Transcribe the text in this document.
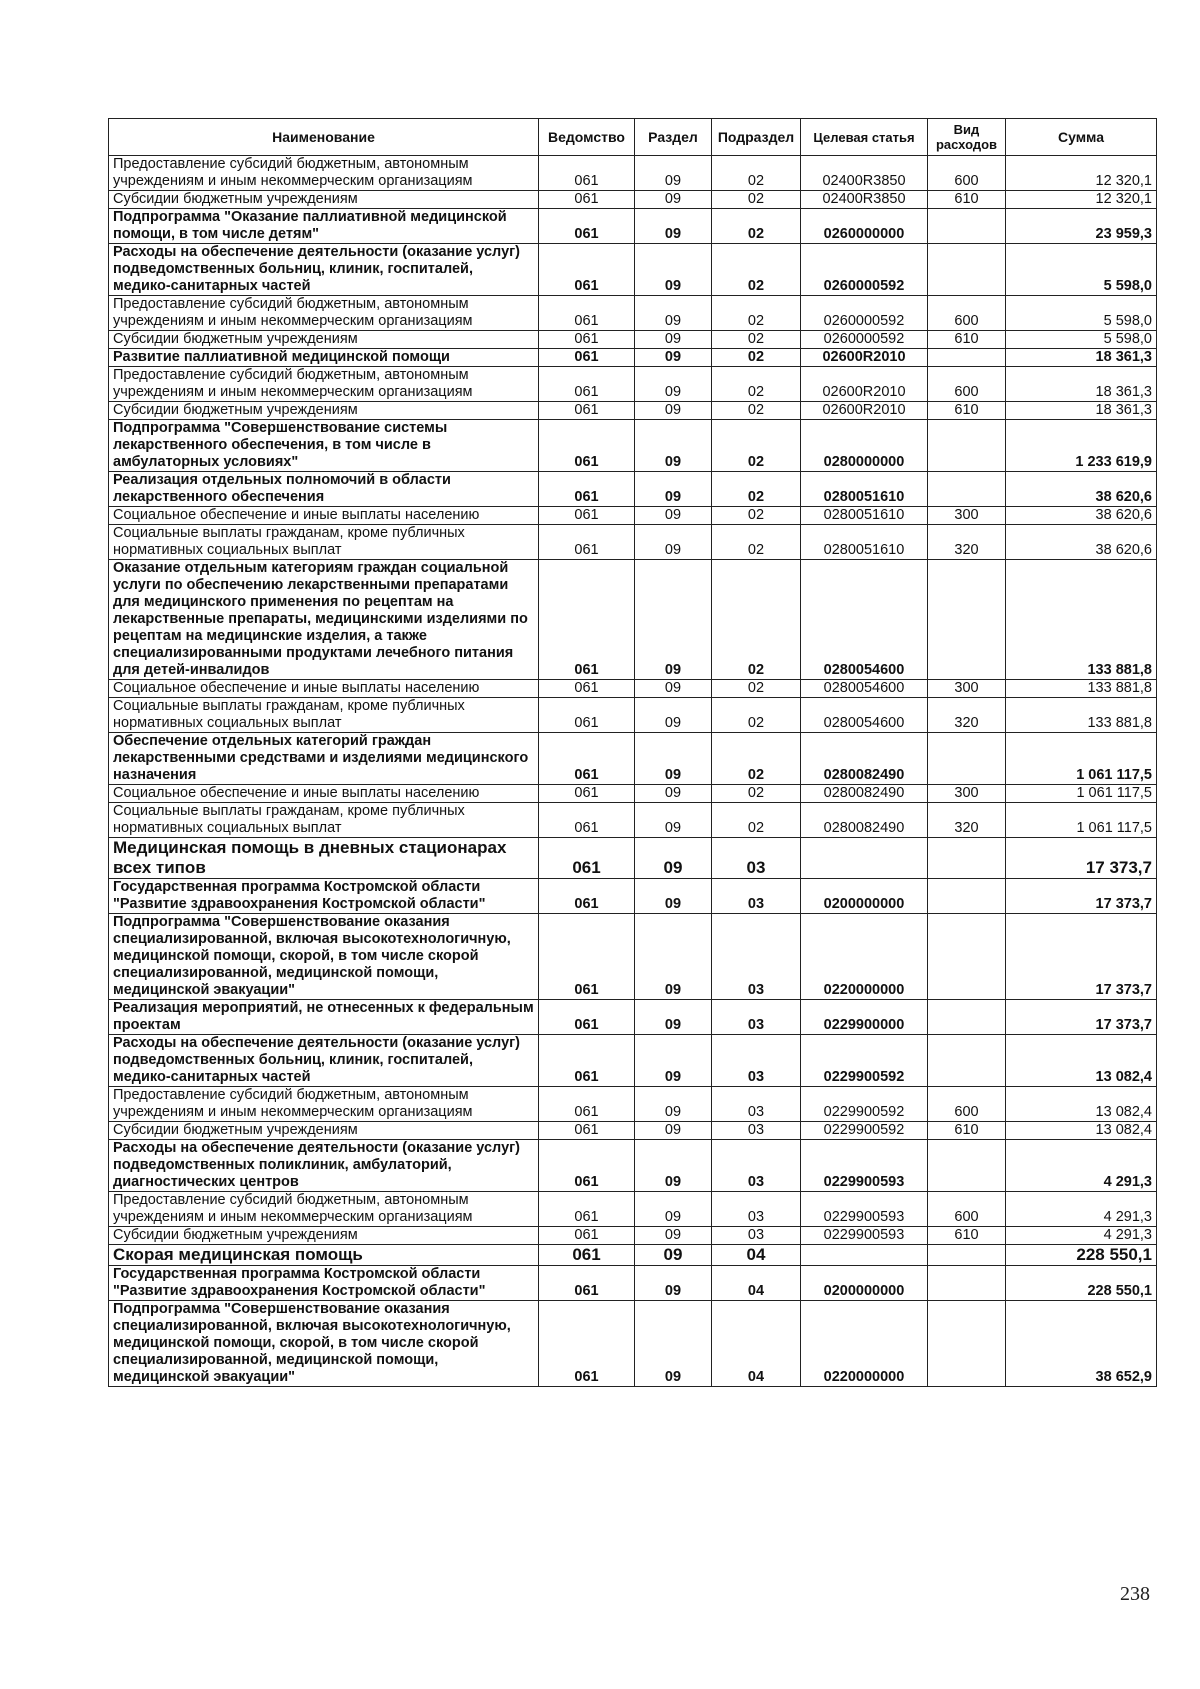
Наименование	Ведомство	Раздел	Подраздел	Целевая статья	Вид расходов	Сумма
Предоставление субсидий бюджетным, автономным учреждениям и иным некоммерческим организациям	061	09	02	02400R3850	600	12 320,1
Субсидии бюджетным учреждениям	061	09	02	02400R3850	610	12 320,1
Подпрограмма "Оказание паллиативной медицинской помощи, в том числе детям"	061	09	02	0260000000		23 959,3
Расходы на обеспечение деятельности (оказание услуг) подведомственных больниц, клиник, госпиталей, медико-санитарных частей	061	09	02	0260000592		5 598,0
Предоставление субсидий бюджетным, автономным учреждениям и иным некоммерческим организациям	061	09	02	0260000592	600	5 598,0
Субсидии бюджетным учреждениям	061	09	02	0260000592	610	5 598,0
Развитие паллиативной медицинской помощи	061	09	02	02600R2010		18 361,3
Предоставление субсидий бюджетным, автономным учреждениям и иным некоммерческим организациям	061	09	02	02600R2010	600	18 361,3
Субсидии бюджетным учреждениям	061	09	02	02600R2010	610	18 361,3
Подпрограмма "Совершенствование системы лекарственного обеспечения, в том числе в амбулаторных условиях"	061	09	02	0280000000		1 233 619,9
Реализация отдельных полномочий в области лекарственного обеспечения	061	09	02	0280051610		38 620,6
Социальное обеспечение и иные выплаты населению	061	09	02	0280051610	300	38 620,6
Социальные выплаты гражданам, кроме публичных нормативных социальных выплат	061	09	02	0280051610	320	38 620,6
Оказание отдельным категориям граждан социальной услуги по обеспечению лекарственными препаратами для медицинского применения по рецептам на лекарственные препараты, медицинскими изделиями по рецептам на медицинские изделия, а также специализированными продуктами лечебного питания для детей-инвалидов	061	09	02	0280054600		133 881,8
Социальное обеспечение и иные выплаты населению	061	09	02	0280054600	300	133 881,8
Социальные выплаты гражданам, кроме публичных нормативных социальных выплат	061	09	02	0280054600	320	133 881,8
Обеспечение отдельных категорий граждан лекарственными средствами и изделиями медицинского назначения	061	09	02	0280082490		1 061 117,5
Социальное обеспечение и иные выплаты населению	061	09	02	0280082490	300	1 061 117,5
Социальные выплаты гражданам, кроме публичных нормативных социальных выплат	061	09	02	0280082490	320	1 061 117,5
Медицинская помощь в дневных стационарах всех типов	061	09	03			17 373,7
Государственная программа Костромской области "Развитие здравоохранения Костромской области"	061	09	03	0200000000		17 373,7
Подпрограмма "Совершенствование оказания специализированной, включая высокотехнологичную, медицинской помощи, скорой, в том числе скорой специализированной, медицинской помощи, медицинской эвакуации"	061	09	03	0220000000		17 373,7
Реализация мероприятий, не отнесенных к федеральным проектам	061	09	03	0229900000		17 373,7
Расходы на обеспечение деятельности (оказание услуг) подведомственных больниц, клиник, госпиталей, медико-санитарных частей	061	09	03	0229900592		13 082,4
Предоставление субсидий бюджетным, автономным учреждениям и иным некоммерческим организациям	061	09	03	0229900592	600	13 082,4
Субсидии бюджетным учреждениям	061	09	03	0229900592	610	13 082,4
Расходы на обеспечение деятельности (оказание услуг) подведомственных поликлиник, амбулаторий, диагностических центров	061	09	03	0229900593		4 291,3
Предоставление субсидий бюджетным, автономным учреждениям и иным некоммерческим организациям	061	09	03	0229900593	600	4 291,3
Субсидии бюджетным учреждениям	061	09	03	0229900593	610	4 291,3
Скорая медицинская помощь	061	09	04			228 550,1
Государственная программа Костромской области "Развитие здравоохранения Костромской области"	061	09	04	0200000000		228 550,1
Подпрограмма "Совершенствование оказания специализированной, включая высокотехнологичную, медицинской помощи, скорой, в том числе скорой специализированной, медицинской помощи, медицинской эвакуации"	061	09	04	0220000000		38 652,9
238
